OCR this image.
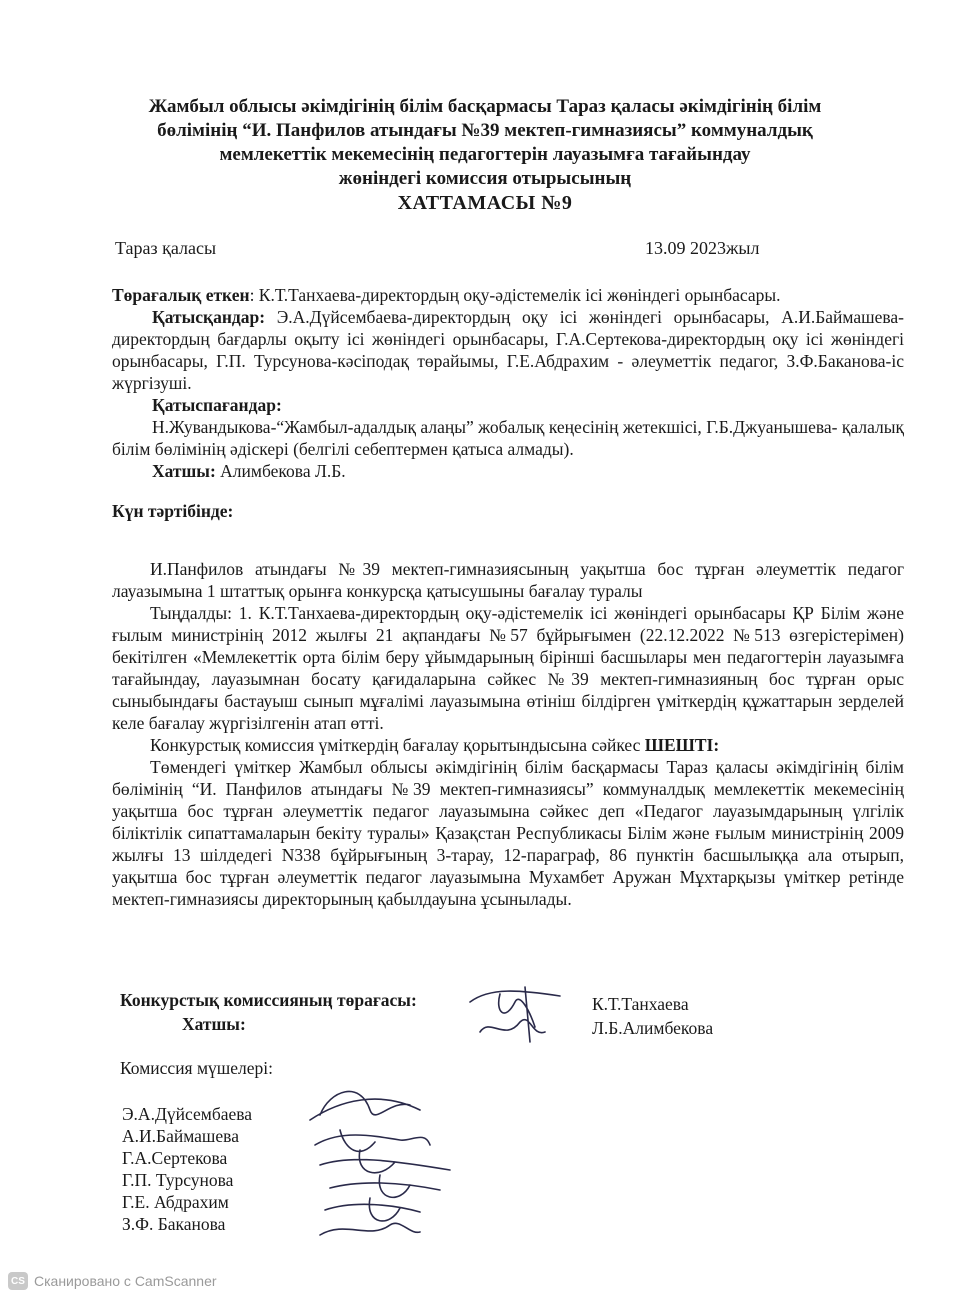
Жамбыл облысы әкімдігінің білім басқармасы Тараз қаласы әкімдігінің білім
бөлімінің “И. Панфилов атындағы №39 мектеп-гимназиясы” коммуналдық
мемлекеттік мекемесінің педагогтерін лауазымға тағайындау
жөніндегі комиссия отырысының
ХАТТАМАСЫ №9
Тараз қаласы	13.09 2023жыл

Төрағалық еткен: К.Т.Танхаева-директордың оқу-әдістемелік ісі жөніндегі орынбасары.

Қатысқандар: Э.А.Дүйсембаева-директордың оқу ісі жөніндегі орынбасары, А.И.Баймашева-директордың бағдарлы оқыту ісі жөніндегі орынбасары, Г.А.Сертекова-директордың оқу ісі жөніндегі орынбасары, Г.П. Турсунова-кәсіподақ төрайымы, Г.Е.Абдрахим - әлеуметтік педагог, З.Ф.Баканова-іс жүргізуші.

Қатыспағандар:

Н.Жувандыкова-“Жамбыл-адалдық алаңы” жобалық кеңесінің жетекшісі, Г.Б.Джуанышева- қалалық білім бөлімінің әдіскері (белгілі себептермен қатыса алмады).

Хатшы: Алимбекова Л.Б.

Күн тәртібінде:

И.Панфилов атындағы №39 мектеп-гимназиясының уақытша бос тұрған әлеуметтік педагог лауазымына 1 штаттық орынға конкурсқа қатысушыны бағалау туралы

Тыңдалды: 1. К.Т.Танхаева-директордың оқу-әдістемелік ісі жөніндегі орынбасары ҚР Білім және ғылым министрінің 2012 жылғы 21 ақпандағы №57 бұйрығымен (22.12.2022 №513 өзгерістерімен) бекітілген «Мемлекеттік орта білім беру ұйымдарының бірінші басшылары мен педагогтерін лауазымға тағайындау, лауазымнан босату қағидаларына сәйкес №39 мектеп-гимназияның бос тұрған орыс сыныбындағы бастауыш сынып мұғалімі лауазымына өтініш білдірген үміткердің құжаттарын зерделей келе бағалау жүргізілгенін атап өтті.

Конкурстық комиссия үміткердің бағалау қорытындысына сәйкес ШЕШТІ:

Төмендегі үміткер Жамбыл облысы әкімдігінің білім басқармасы Тараз қаласы әкімдігінің білім бөлімінің “И. Панфилов атындағы №39 мектеп-гимназиясы” коммуналдық мемлекеттік мекемесінің уақытша бос тұрған әлеуметтік педагог лауазымына сәйкес деп «Педагог лауазымдарының үлгілік біліктілік сипаттамаларын бекіту туралы» Қазақстан Республикасы Білім және ғылым министрінің 2009 жылғы 13 шілдедегі N338 бұйрығының 3-тарау, 12-параграф, 86 пунктін басшылыққа ала отырып, уақытша бос тұрған әлеуметтік педагог лауазымына Мухамбет Аружан Мұхтарқызы үміткер ретінде мектеп-гимназиясы директорының қабылдауына ұсынылады.

Конкурстық комиссияның төрағасы:	К.Т.Танхаева
Хатшы:	Л.Б.Алимбекова
Комиссия мүшелері:
Э.А.Дүйсембаева
А.И.Баймашева
Г.А.Сертекова
Г.П. Турсунова
Г.Е. Абдрахим
З.Ф. Баканова
CS Сканировано с CamScanner
